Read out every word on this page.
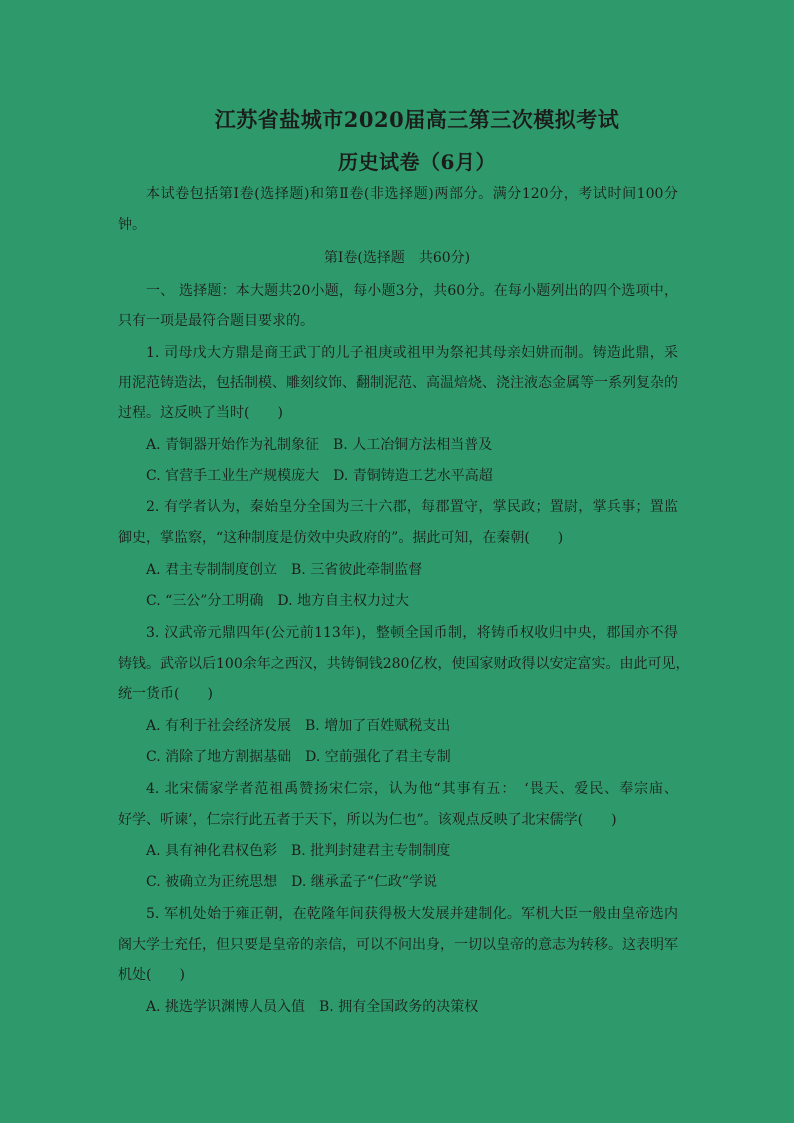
江苏省盐城市2020届高三第三次模拟考试
历史试卷（6月）
本试卷包括第Ⅰ卷(选择题)和第Ⅱ卷(非选择题)两部分。满分120分，考试时间100分
钟。
第Ⅰ卷(选择题　共60分)
一、 选择题：本大题共20小题，每小题3分，共60分。在每小题列出的四个选项中，
只有一项是最符合题目要求的。
1. 司母戊大方鼎是商王武丁的儿子祖庚或祖甲为祭祀其母亲妇妌而制。铸造此鼎，采
用泥范铸造法，包括制模、雕刻纹饰、翻制泥范、高温焙烧、浇注液态金属等一系列复杂的
过程。这反映了当时(　　)
A. 青铜器开始作为礼制象征　B. 人工冶铜方法相当普及
C. 官营手工业生产规模庞大　D. 青铜铸造工艺水平高超
2. 有学者认为，秦始皇分全国为三十六郡，每郡置守，掌民政；置尉，掌兵事；置监
御史，掌监察，“这种制度是仿效中央政府的”。据此可知，在秦朝(　　)
A. 君主专制制度创立　B. 三省彼此牵制监督
C. “三公”分工明确　D. 地方自主权力过大
3. 汉武帝元鼎四年(公元前113年)，整顿全国币制，将铸币权收归中央，郡国亦不得
铸钱。武帝以后100余年之西汉，共铸铜钱280亿枚，使国家财政得以安定富实。由此可见，
统一货币(　　)
A. 有利于社会经济发展　B. 增加了百姓赋税支出
C. 消除了地方割据基础　D. 空前强化了君主专制
4. 北宋儒家学者范祖禹赞扬宋仁宗，认为他“其事有五：　‘畏天、爱民、奉宗庙、
好学、听谏’，仁宗行此五者于天下，所以为仁也”。该观点反映了北宋儒学(　　)
A. 具有神化君权色彩　B. 批判封建君主专制制度
C. 被确立为正统思想　D. 继承孟子“仁政”学说
5. 军机处始于雍正朝，在乾隆年间获得极大发展并建制化。军机大臣一般由皇帝选内
阁大学士充任，但只要是皇帝的亲信，可以不问出身，一切以皇帝的意志为转移。这表明军
机处(　　)
A. 挑选学识渊博人员入值　B. 拥有全国政务的决策权
